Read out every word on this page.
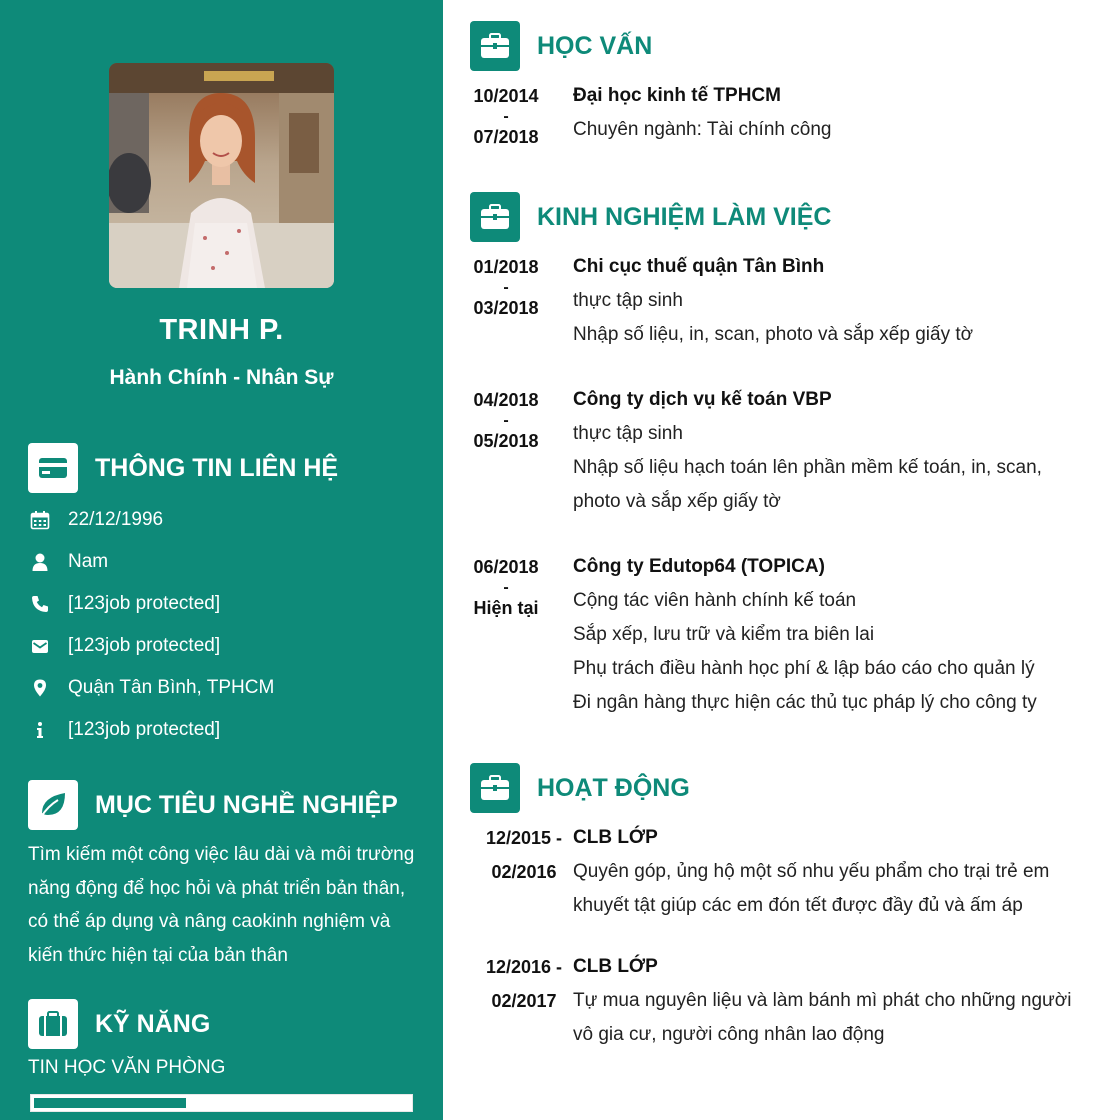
TRINH P.
Hành Chính - Nhân Sự
THÔNG TIN LIÊN HỆ
22/12/1996
Nam
[123job protected]
[123job protected]
Quận Tân Bình, TPHCM
[123job protected]
MỤC TIÊU NGHỀ NGHIỆP
Tìm kiếm một công việc lâu dài và môi trường năng động để học hỏi và phát triển bản thân, có thể áp dụng và nâng caokinh nghiệm và kiến thức hiện tại của bản thân
KỸ NĂNG
TIN HỌC VĂN PHÒNG
HỌC VẤN
10/2014
-
07/2018
Đại học kinh tế TPHCM
Chuyên ngành: Tài chính công
KINH NGHIỆM LÀM VIỆC
01/2018
-
03/2018
Chi cục thuế quận Tân Bình
thực tập sinh
Nhập số liệu, in, scan, photo và sắp xếp giấy tờ
04/2018
-
05/2018
Công ty dịch vụ kế toán VBP
thực tập sinh
Nhập số liệu hạch toán lên phần mềm kế toán, in, scan, photo và sắp xếp giấy tờ
06/2018
-
Hiện tại
Công ty Edutop64 (TOPICA)
Cộng tác viên hành chính kế toán
Sắp xếp, lưu trữ và kiểm tra biên lai
Phụ trách điều hành học phí & lập báo cáo cho quản lý
Đi ngân hàng thực hiện các thủ tục pháp lý cho công ty
HOẠT ĐỘNG
12/2015 -
02/2016
CLB LỚP
Quyên góp, ủng hộ một số nhu yếu phẩm cho trại trẻ em khuyết tật giúp các em đón tết được đầy đủ và ấm áp
12/2016 -
02/2017
CLB LỚP
Tự mua nguyên liệu và làm bánh mì phát cho những người vô gia cư, người công nhân lao động
